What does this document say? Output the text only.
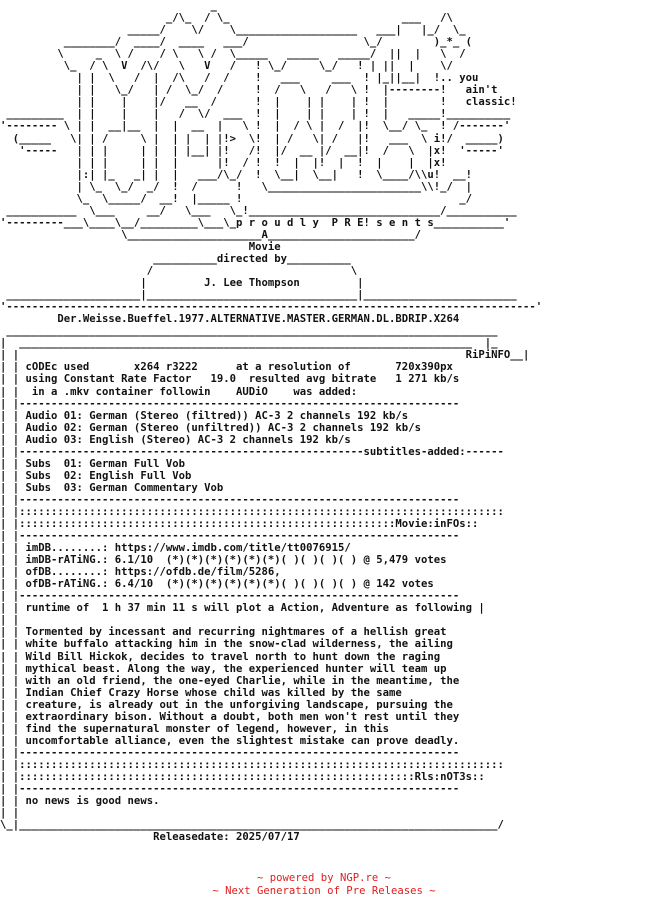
_
_/\_  / \_                           ___   /\
_____/    \/    \___________________   ___|   |_/  \_
________/  ____/  ____   ___/                  \_/        )_*_ (
\     _  \ /    / \   \ /  \_____   _____   _____/  ||  |   \  /
\_  / \  V  /\/   \   V   /   ! \_/     \_/   ! | ||  |    \/
| |  \   /  |  /\   /  /    !   ___     ___  ! |_||__|  !.. you
| |   \_/   | /  \_/  /     !  /   \   /   \ !  |--------!   ain't
| |    |    |/   __  /      !  |    | |    | !  |        !   classic!
_________  | |    |    |   /  \/  ___  !  |    | |    | !  |   _____!__________
'-------- \ | |  __|__  |  |  __  |   \ !  |  / \ |  /  |!  \__/ \_  ! /-------'
(_____   \| | /     \ |  | |  | |!>  \!  | /   \| /   |!   ___  \ i!/  _____)
'-----   | | |     | |  | |__| |!   /!  |/  __ |/  __|!  /   \  |x!  '-----'
| | |     | |  |      |!  / !  !  |  |!  |  !  |    |  |x!
|:| |_   _| |  |   ___/\_/  !  \__|  \__|   !  \____/\\u!  __!
| \_  \_/  _/  !  /      !   \________________________\\!_/  |
\_  \_____/  __!  |_____ !                                  _/
___________  \___     __/   \___   \_!______________________________/___________
'---------___\____\__/_________\___\_p r o u d l y  P R E! s e n t s___________'
\_____________________A_______________________/
Movie
__________directed by__________
/                               \
|         J. Lee Thompson         |
_____________________|_________________________________|________________________
'-----------------------------------------------------------------------------------'
Der.Weisse.Bueffel.1977.ALTERNATIVE.MASTER.GERMAN.DL.BDRIP.X264
_____________________________________________________________________________
|  _______________________________________________________________________  |_
| |                                                                      RiPiNFO__|
| | cODEc used       x264 r3222      at a resolution of       720x390px
| | using Constant Rate Factor   19.0  resulted avg bitrate   1 271 kb/s
| |  in a .mkv container followin    AUDiO    was added:
| |---------------------------------------------------------------------
| | Audio 01: German (Stereo (filtred)) AC-3 2 channels 192 kb/s
| | Audio 02: German (Stereo (unfiltred)) AC-3 2 channels 192 kb/s
| | Audio 03: English (Stereo) AC-3 2 channels 192 kb/s
| |------------------------------------------------------subtitles-added:------
| | Subs  01: German Full Vob
| | Subs  02: English Full Vob
| | Subs  03: German Commentary Vob
| |---------------------------------------------------------------------
| |::::::::::::::::::::::::::::::::::::::::::::::::::::::::::::::::::::::::::::
| |:::::::::::::::::::::::::::::::::::::::::::::::::::::::::::Movie:inFOs::
| |---------------------------------------------------------------------
| | imDB........: https://www.imdb.com/title/tt0076915/
| | imDB-rATiNG.: 6.1/10  (*)(*)(*)(*)(*)(*)( )( )( )( ) @ 5,479 votes
| | ofDB........: https://ofdb.de/film/5286,
| | ofDB-rATiNG.: 6.4/10  (*)(*)(*)(*)(*)(*)( )( )( )( ) @ 142 votes
| |---------------------------------------------------------------------
| | runtime of  1 h 37 min 11 s will plot a Action, Adventure as following |
| |
| | Tormented by incessant and recurring nightmares of a hellish great
| | white buffalo attacking him in the snow-clad wilderness, the ailing
| | Wild Bill Hickok, decides to travel north to hunt down the raging
| | mythical beast. Along the way, the experienced hunter will team up
| | with an old friend, the one-eyed Charlie, while in the meantime, the
| | Indian Chief Crazy Horse whose child was killed by the same
| | creature, is already out in the unforgiving landscape, pursuing the
| | extraordinary bison. Without a doubt, both men won't rest until they
| | find the supernatural monster of legend, however, in this
| | uncomfortable alliance, even the slightest mistake can prove deadly.
| |---------------------------------------------------------------------
| |::::::::::::::::::::::::::::::::::::::::::::::::::::::::::::::::::::::::::::
| |::::::::::::::::::::::::::::::::::::::::::::::::::::::::::::::Rls:nOT3s::
| |---------------------------------------------------------------------
| | no news is good news.
| |
\_|___________________________________________________________________________/
Releasedate: 2025/07/17
~ powered by NGP.re ~
~ Next Generation of Pre Releases ~
